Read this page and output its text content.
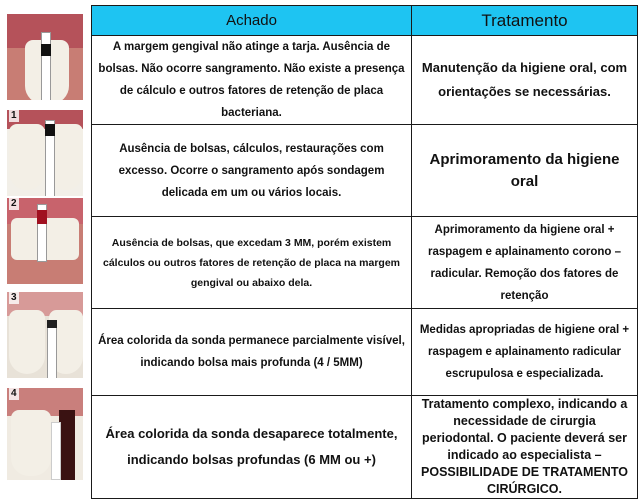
1
2
3
4
Achado	Tratamento
A margem gengival não atinge a tarja. Ausência de bolsas. Não ocorre sangramento. Não existe a presença de cálculo e outros fatores de retenção de placa bacteriana.	Manutenção da higiene oral, com orientações se necessárias.
Ausência de bolsas, cálculos, restaurações com excesso. Ocorre o sangramento após sondagem delicada em um ou vários locais.	Aprimoramento da higiene oral
Ausência de bolsas, que excedam 3 MM, porém existem cálculos ou outros fatores de retenção de placa na margem gengival ou abaixo dela.	Aprimoramento da higiene oral + raspagem e aplainamento corono – radicular. Remoção dos fatores de retenção
Área colorida da sonda permanece parcialmente visível, indicando bolsa mais profunda (4 / 5MM)	Medidas apropriadas de higiene oral + raspagem e aplainamento radicular escrupulosa e especializada.
Área colorida da sonda desaparece totalmente, indicando bolsas profundas (6 MM ou +)	Tratamento complexo, indicando a necessidade de cirurgia periodontal. O paciente deverá ser indicado ao especialista – POSSIBILIDADE DE TRATAMENTO CIRÚRGICO.
